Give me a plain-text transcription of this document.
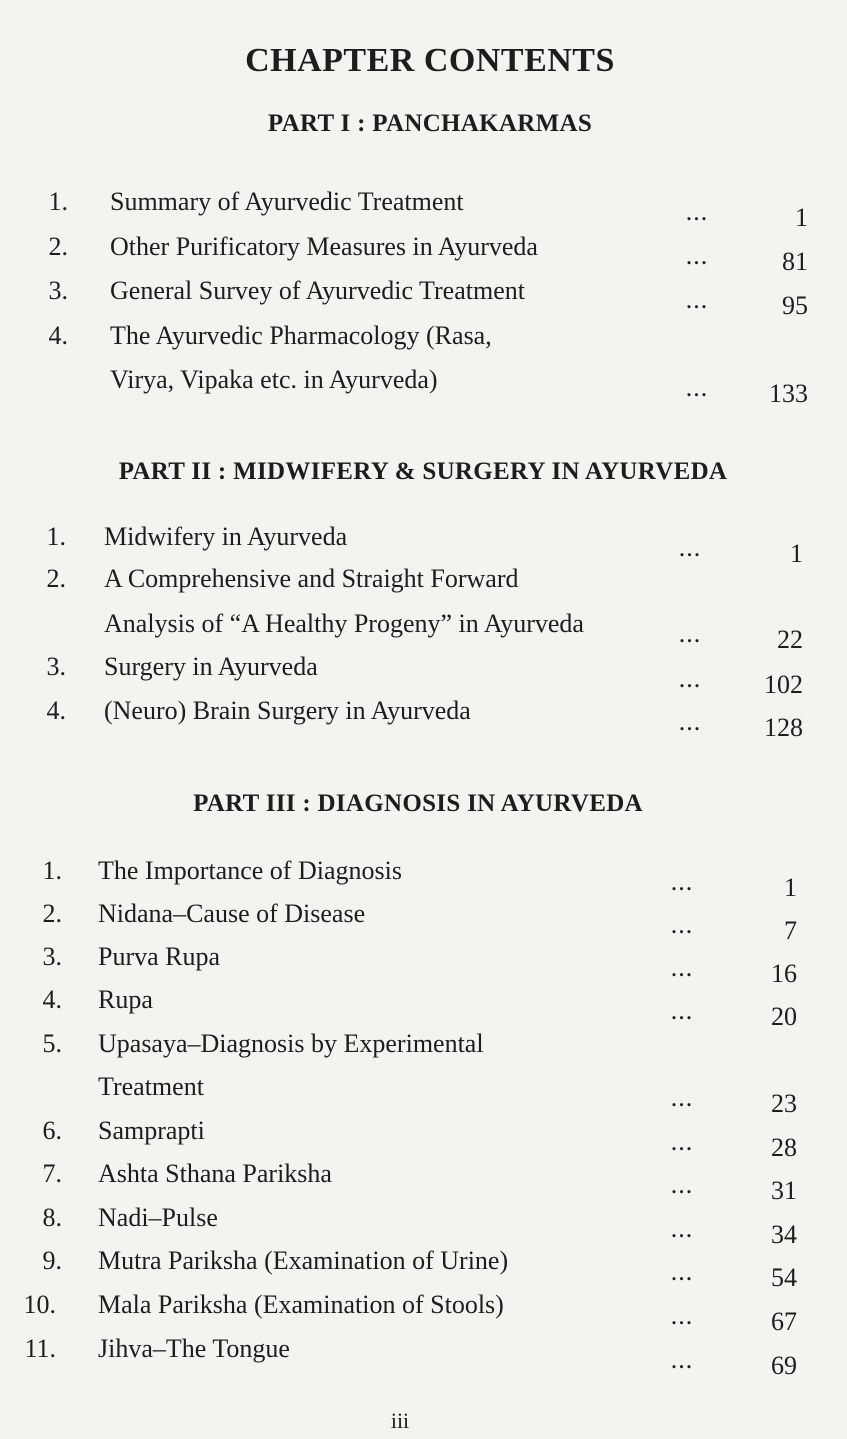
CHAPTER CONTENTS
PART I : PANCHAKARMAS
1. Summary of Ayurvedic Treatment	...	1
2. Other Purificatory Measures in Ayurveda	...	81
3. General Survey of Ayurvedic Treatment	...	95
4. The Ayurvedic Pharmacology (Rasa,
Virya, Vipaka etc. in Ayurveda)	...	133
PART II : MIDWIFERY & SURGERY IN AYURVEDA
1. Midwifery in Ayurveda	...	1
2. A Comprehensive and Straight Forward
Analysis of “A Healthy Progeny” in Ayurveda	...	22
3. Surgery in Ayurveda	...	102
4. (Neuro) Brain Surgery in Ayurveda	...	128
PART III : DIAGNOSIS IN AYURVEDA
1. The Importance of Diagnosis	...	1
2. Nidana–Cause of Disease	...	7
3. Purva Rupa	...	16
4. Rupa	...	20
5. Upasaya–Diagnosis by Experimental
Treatment	...	23
6. Samprapti	...	28
7. Ashta Sthana Pariksha	...	31
8. Nadi–Pulse	...	34
9. Mutra Pariksha (Examination of Urine)	...	54
10. Mala Pariksha (Examination of Stools)	...	67
11. Jihva–The Tongue	...	69
iii
